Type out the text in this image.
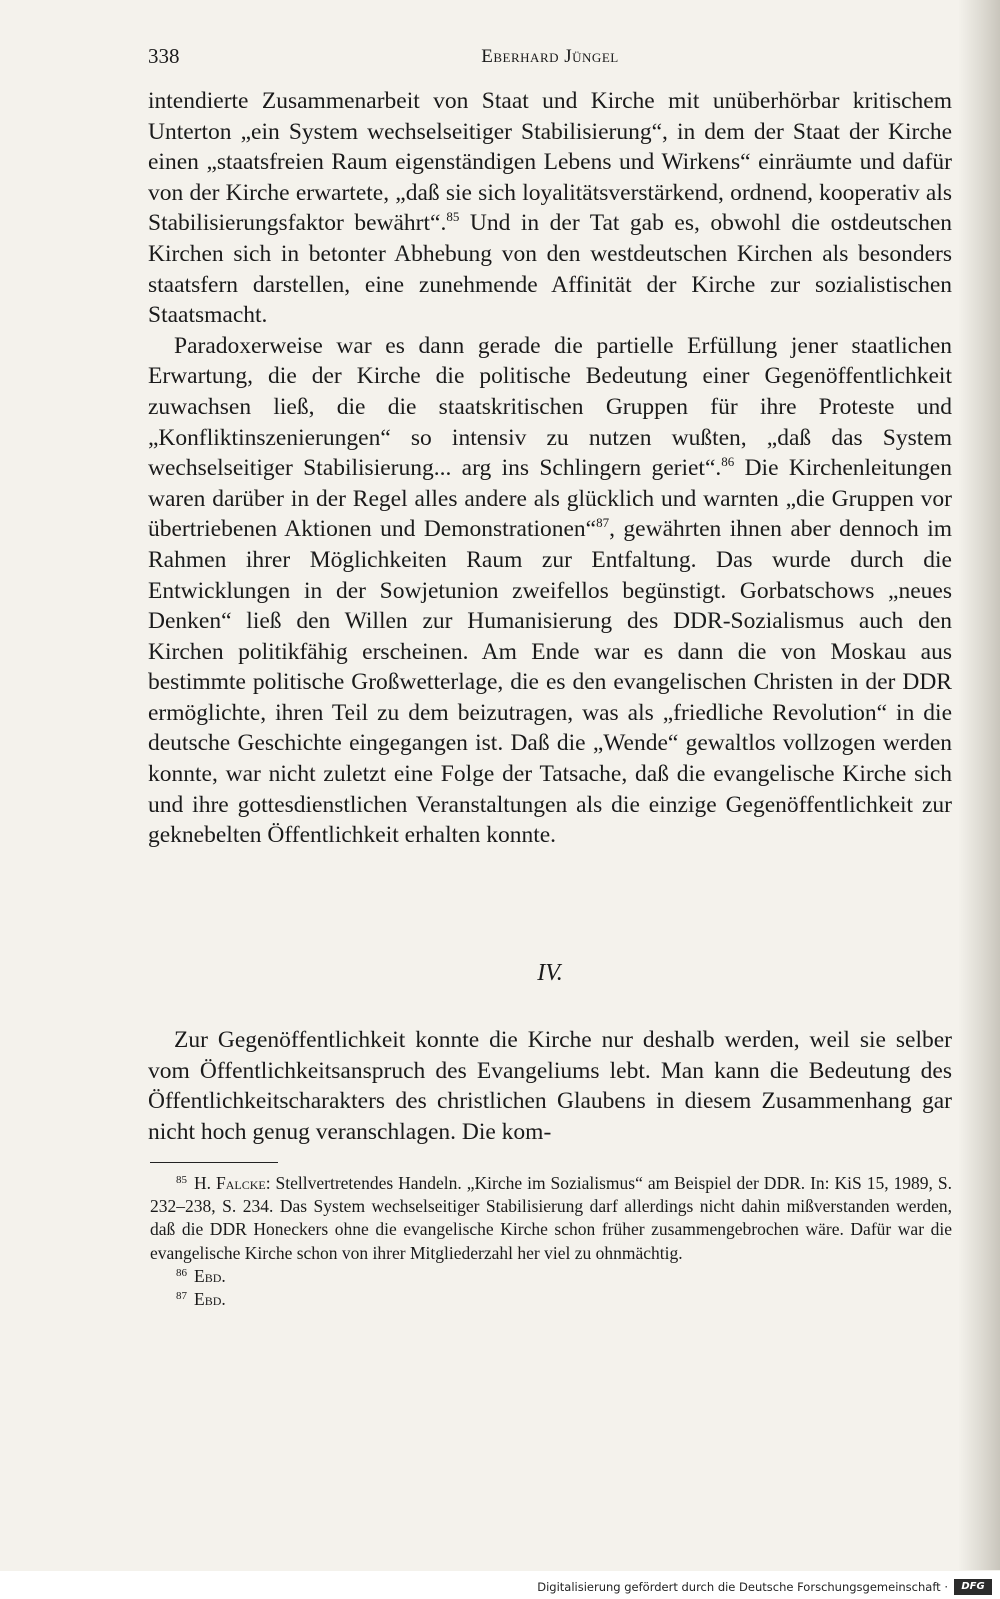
338	Eberhard Jüngel

intendierte Zusammenarbeit von Staat und Kirche mit unüberhörbar kritischem Unterton „ein System wechselseitiger Stabilisierung“, in dem der Staat der Kirche einen „staatsfreien Raum eigenständigen Lebens und Wirkens“ einräumte und dafür von der Kirche erwartete, „daß sie sich loyalitätsverstärkend, ordnend, kooperativ als Stabilisierungsfaktor bewährt“.$^{85}$ Und in der Tat gab es, obwohl die ostdeutschen Kirchen sich in betonter Abhebung von den westdeutschen Kirchen als besonders staatsfern darstellen, eine zunehmende Affinität der Kirche zur sozialistischen Staatsmacht.

Paradoxerweise war es dann gerade die partielle Erfüllung jener staatlichen Erwartung, die der Kirche die politische Bedeutung einer Gegenöffentlichkeit zuwachsen ließ, die die staatskritischen Gruppen für ihre Proteste und „Konfliktinszenierungen“ so intensiv zu nutzen wußten, „daß das System wechselseitiger Stabilisierung... arg ins Schlingern geriet“.$^{86}$ Die Kirchenleitungen waren darüber in der Regel alles andere als glücklich und warnten „die Gruppen vor übertriebenen Aktionen und Demonstrationen“$^{87}$, gewährten ihnen aber dennoch im Rahmen ihrer Möglichkeiten Raum zur Entfaltung. Das wurde durch die Entwicklungen in der Sowjetunion zweifellos begünstigt. Gorbatschows „neues Denken“ ließ den Willen zur Humanisierung des DDR-Sozialismus auch den Kirchen politikfähig erscheinen. Am Ende war es dann die von Moskau aus bestimmte politische Großwetterlage, die es den evangelischen Christen in der DDR ermöglichte, ihren Teil zu dem beizutragen, was als „friedliche Revolution“ in die deutsche Geschichte eingegangen ist. Daß die „Wende“ gewaltlos vollzogen werden konnte, war nicht zuletzt eine Folge der Tatsache, daß die evangelische Kirche sich und ihre gottesdienstlichen Veranstaltungen als die einzige Gegenöffentlichkeit zur geknebelten Öffentlichkeit erhalten konnte.

IV.

Zur Gegenöffentlichkeit konnte die Kirche nur deshalb werden, weil sie selber vom Öffentlichkeitsanspruch des Evangeliums lebt. Man kann die Bedeutung des Öffentlichkeitscharakters des christlichen Glaubens in diesem Zusammenhang gar nicht hoch genug veranschlagen. Die kom-

$^{85}$ H. Falcke: Stellvertretendes Handeln. „Kirche im Sozialismus“ am Beispiel der DDR. In: KiS 15, 1989, S. 232–238, S. 234. Das System wechselseitiger Stabilisierung darf allerdings nicht dahin mißverstanden werden, daß die DDR Honeckers ohne die evangelische Kirche schon früher zusammengebrochen wäre. Dafür war die evangelische Kirche schon von ihrer Mitgliederzahl her viel zu ohnmächtig.

$^{86}$ Ebd.

$^{87}$ Ebd.

Digitalisierung gefördert durch die Deutsche Forschungsgemeinschaft ·	DFG
